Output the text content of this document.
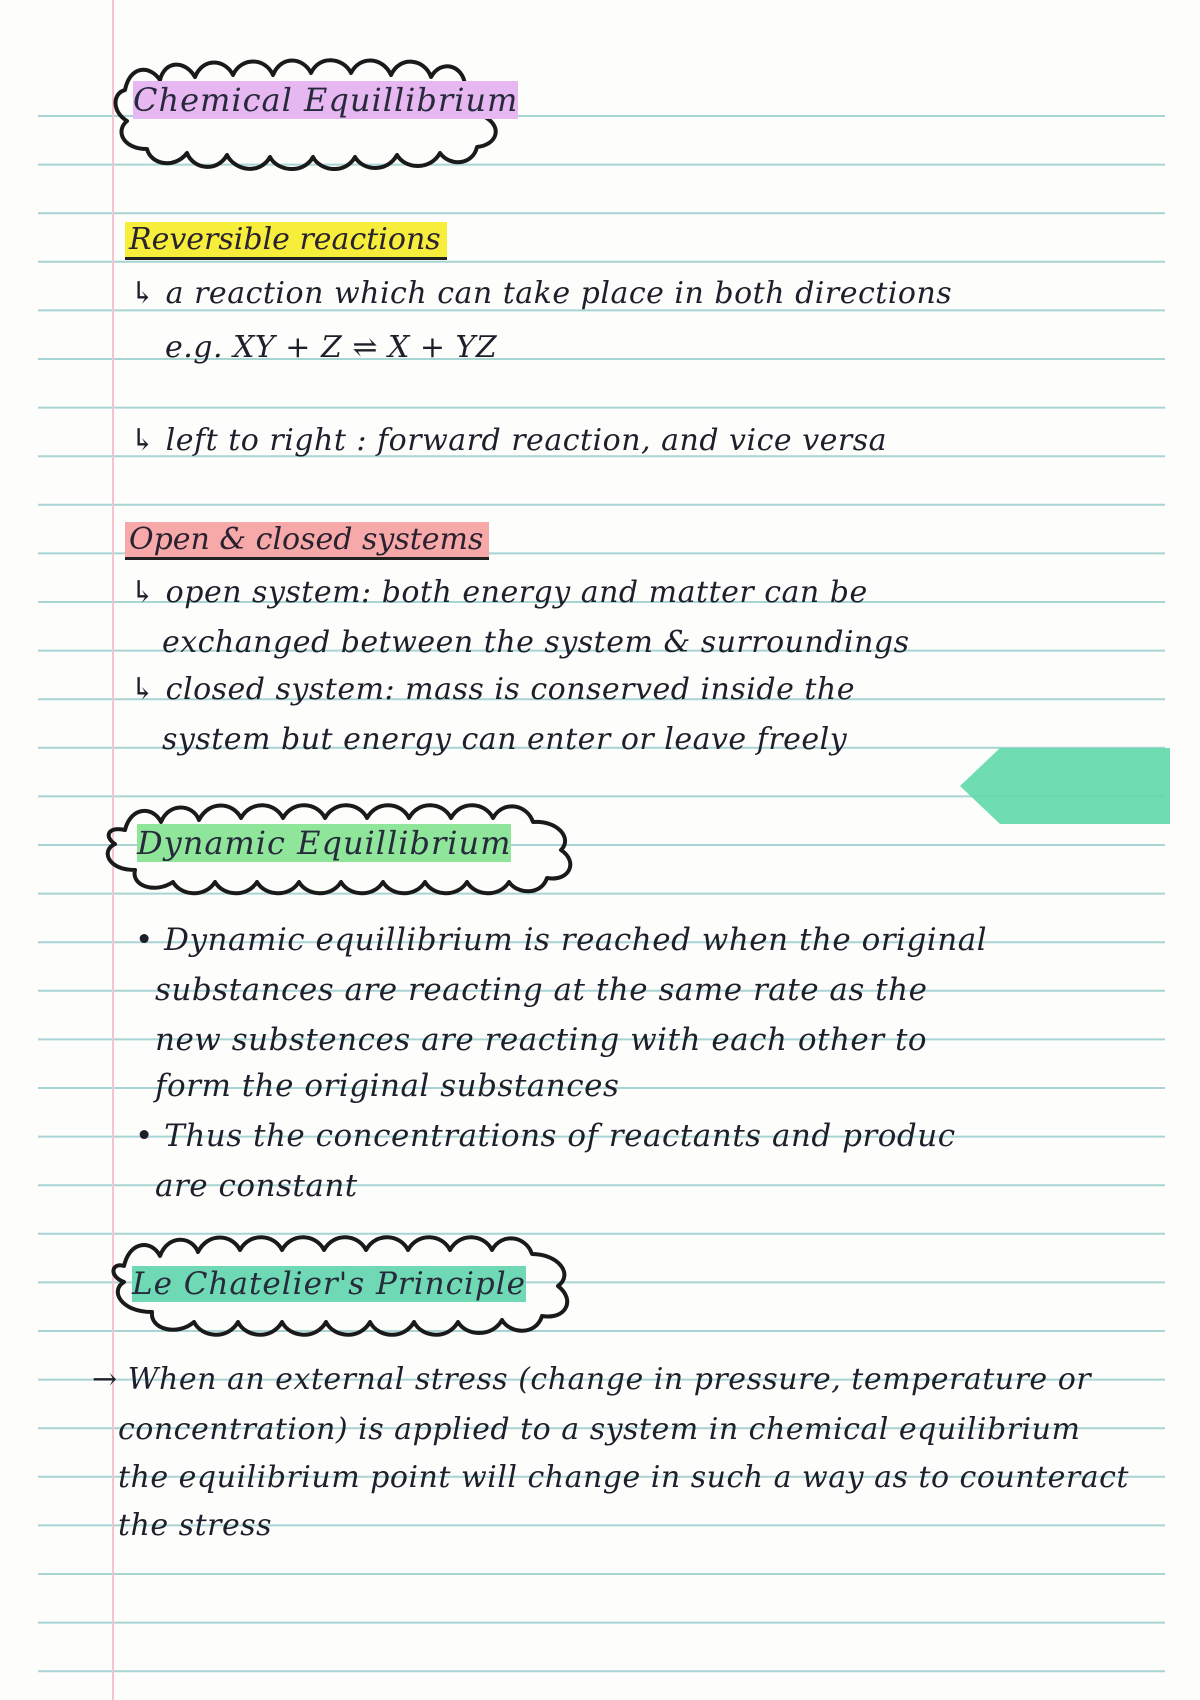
Chemical Equillibrium
Reversible reactions
↳ a reaction which can take place in both directions
e.g. XY + Z ⇌ X + YZ
↳ left to right : forward reaction, and vice versa
Open & closed systems
↳ open system: both energy and matter can be
exchanged between the system & surroundings
↳ closed system: mass is conserved inside the
system but energy can enter or leave freely
Dynamic Equillibrium
• Dynamic equillibrium is reached when the original
substances are reacting at the same rate as the
new substences are reacting with each other to
form the original substances
• Thus the concentrations of reactants and produc
are constant
Le Chatelier's Principle
→ When an external stress (change in pressure, temperature or
concentration) is applied to a system in chemical equilibrium
the equilibrium point will change in such a way as to counteract
the stress
